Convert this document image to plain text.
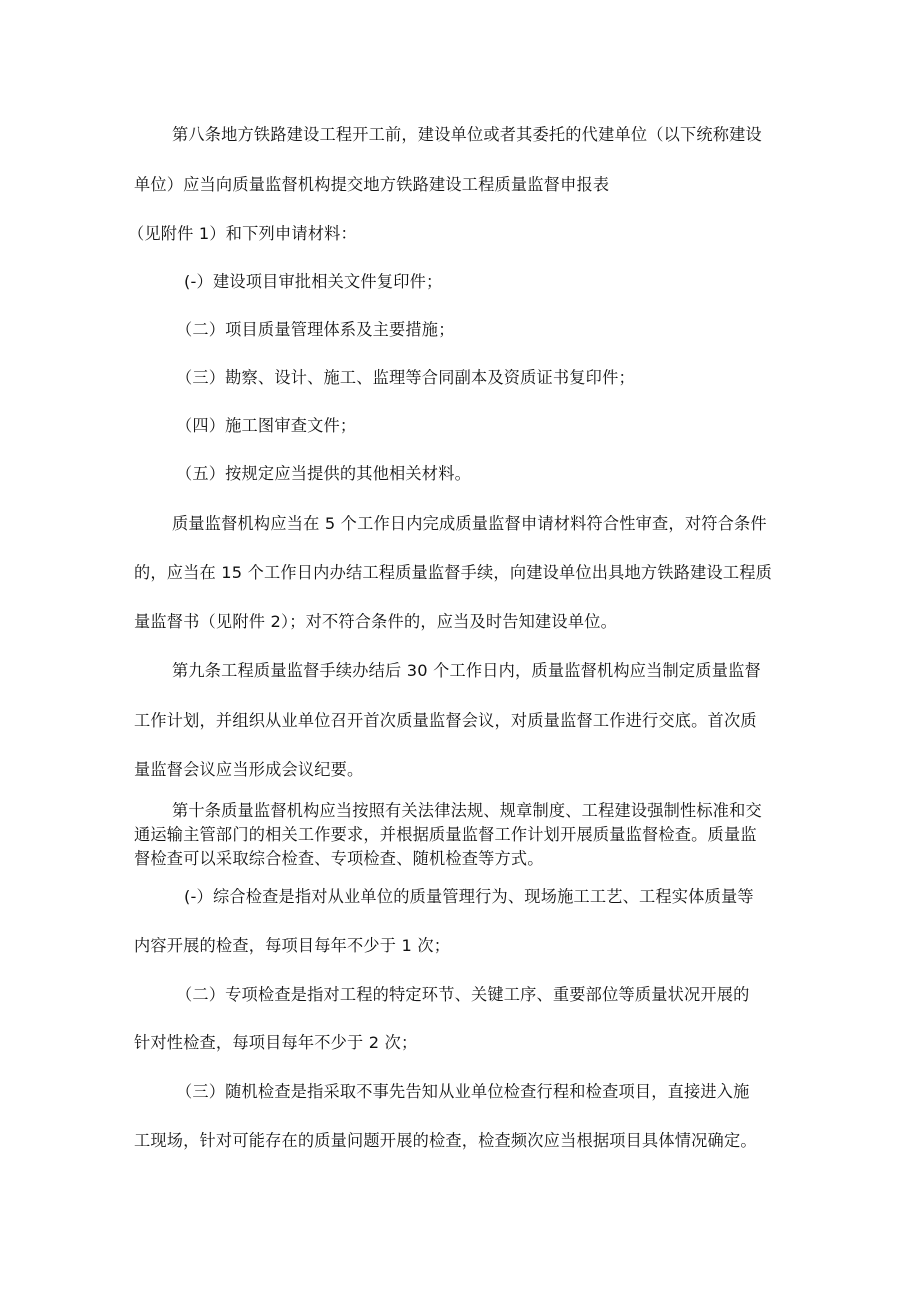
第八条地方铁路建设工程开工前，建设单位或者其委托的代建单位（以下统称建设
单位）应当向质量监督机构提交地方铁路建设工程质量监督申报表
（见附件 1）和下列申请材料：
(-）建设项目审批相关文件复印件；
（二）项目质量管理体系及主要措施；
（三）勘察、设计、施工、监理等合同副本及资质证书复印件；
（四）施工图审查文件；
（五）按规定应当提供的其他相关材料。
质量监督机构应当在 5 个工作日内完成质量监督申请材料符合性审查，对符合条件
的，应当在 15 个工作日内办结工程质量监督手续，向建设单位出具地方铁路建设工程质
量监督书（见附件 2）；对不符合条件的，应当及时告知建设单位。
第九条工程质量监督手续办结后 30 个工作日内，质量监督机构应当制定质量监督
工作计划，并组织从业单位召开首次质量监督会议，对质量监督工作进行交底。首次质
量监督会议应当形成会议纪要。
第十条质量监督机构应当按照有关法律法规、规章制度、工程建设强制性标准和交
通运输主管部门的相关工作要求，并根据质量监督工作计划开展质量监督检查。质量监
督检查可以采取综合检查、专项检查、随机检查等方式。
(-）综合检查是指对从业单位的质量管理行为、现场施工工艺、工程实体质量等
内容开展的检查，每项目每年不少于 1 次；
（二）专项检查是指对工程的特定环节、关键工序、重要部位等质量状况开展的
针对性检查，每项目每年不少于 2 次；
（三）随机检查是指采取不事先告知从业单位检查行程和检查项目，直接进入施
工现场，针对可能存在的质量问题开展的检查，检查频次应当根据项目具体情况确定。
